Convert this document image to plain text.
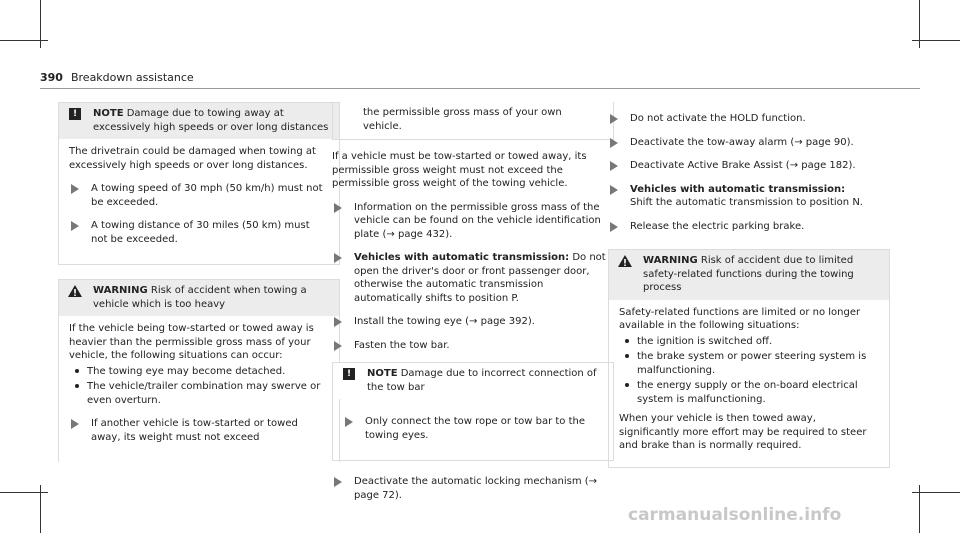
390 Breakdown assistance
!	NOTE Damage due to towing away at excessively high speeds or over long distances

The drivetrain could be damaged when towing at excessively high speeds or over long distances.

A towing speed of 30 mph (50 km/h) must not be exceeded.
A towing distance of 30 miles (50 km) must not be exceeded.
WARNING Risk of accident when towing a vehicle which is too heavy

If the vehicle being tow-started or towed away is heavier than the permissible gross mass of your vehicle, the following situations can occur:

The towing eye may become detached.
The vehicle/trailer combination may swerve or even overturn.
If another vehicle is tow-started or towed away, its weight must not exceed

the permissible gross mass of your own vehicle.

If a vehicle must be tow-started or towed away, its permissible gross weight must not exceed the permissible gross weight of the towing vehicle.

Information on the permissible gross mass of the vehicle can be found on the vehicle identification plate (→ page 432).
Vehicles with automatic transmission: Do not open the driver's door or front passenger door, otherwise the automatic transmission automatically shifts to position P.
Install the towing eye (→ page 392).
Fasten the tow bar.
!	NOTE Damage due to incorrect connection of the tow bar
Only connect the tow rope or tow bar to the towing eyes.
Deactivate the automatic locking mechanism (→ page 72).
Do not activate the HOLD function.
Deactivate the tow-away alarm (→ page 90).
Deactivate Active Brake Assist (→ page 182).
Vehicles with automatic transmission:
Shift the automatic transmission to position N.
Release the electric parking brake.
WARNING Risk of accident due to limited safety-related functions during the towing process

Safety-related functions are limited or no longer available in the following situations:

the ignition is switched off.
the brake system or power steering system is malfunctioning.
the energy supply or the on-board electrical system is malfunctioning.

When your vehicle is then towed away, significantly more effort may be required to steer and brake than is normally required.

carmanualsonline.info
